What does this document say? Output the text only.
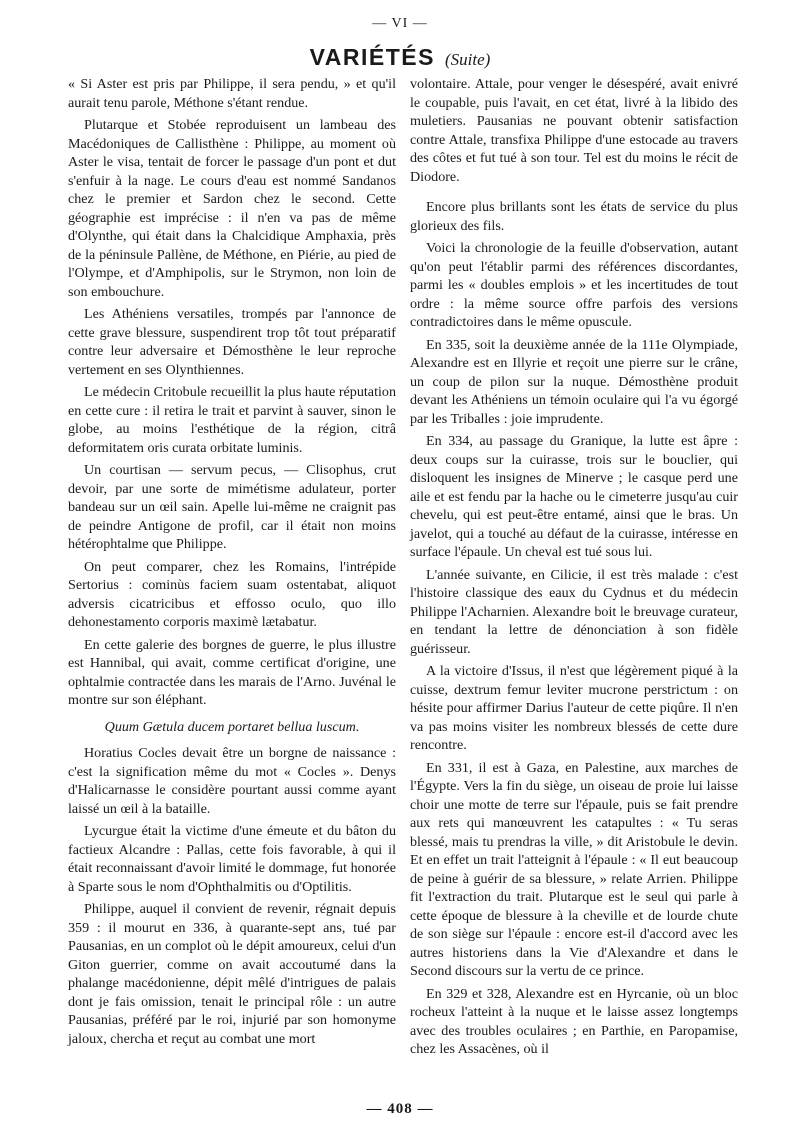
— VI —
VARIÉTÉS (Suite)

« Si Aster est pris par Philippe, il sera pendu, » et qu'il aurait tenu parole, Méthone s'étant rendue.

Plutarque et Stobée reproduisent un lambeau des Macédoniques de Callisthène : Philippe, au moment où Aster le visa, tentait de forcer le passage d'un pont et dut s'enfuir à la nage. Le cours d'eau est nommé Sandanos chez le premier et Sardon chez le second. Cette géographie est imprécise : il n'en va pas de même d'Olynthe, qui était dans la Chalcidique Amphaxia, près de la péninsule Pallène, de Méthone, en Piérie, au pied de l'Olympe, et d'Amphipolis, sur le Strymon, non loin de son embouchure.

Les Athéniens versatiles, trompés par l'annonce de cette grave blessure, suspendirent trop tôt tout préparatif contre leur adversaire et Démosthène le leur reproche vertement en ses Olynthiennes.

Le médecin Critobule recueillit la plus haute réputation en cette cure : il retira le trait et parvint à sauver, sinon le globe, au moins l'esthétique de la région, citrâ deformitatem oris curata orbitate luminis.

Un courtisan — servum pecus, — Clisophus, crut devoir, par une sorte de mimétisme adulateur, porter bandeau sur un œil sain. Apelle lui-même ne craignit pas de peindre Antigone de profil, car il était non moins hétérophtalme que Philippe.

On peut comparer, chez les Romains, l'intrépide Sertorius : cominùs faciem suam ostentabat, aliquot adversis cicatricibus et effosso oculo, quo illo dehonestamento corporis maximè lætabatur.

En cette galerie des borgnes de guerre, le plus illustre est Hannibal, qui avait, comme certificat d'origine, une ophtalmie contractée dans les marais de l'Arno. Juvénal le montre sur son éléphant.

Quum Gætula ducem portaret bellua luscum.

Horatius Cocles devait être un borgne de naissance : c'est la signification même du mot « Cocles ». Denys d'Halicarnasse le considère pourtant aussi comme ayant laissé un œil à la bataille.

Lycurgue était la victime d'une émeute et du bâton du factieux Alcandre : Pallas, cette fois favorable, à qui il était reconnaissant d'avoir limité le dommage, fut honorée à Sparte sous le nom d'Ophthalmitis ou d'Optilitis.

Philippe, auquel il convient de revenir, régnait depuis 359 : il mourut en 336, à quarante-sept ans, tué par Pausanias, en un complot où le dépit amoureux, celui d'un Giton guerrier, comme on avait accoutumé dans la phalange macédonienne, dépit mêlé d'intrigues de palais dont je fais omission, tenait le principal rôle : un autre Pausanias, préféré par le roi, injurié par son homonyme jaloux, chercha et reçut au combat une mort

volontaire. Attale, pour venger le désespéré, avait enivré le coupable, puis l'avait, en cet état, livré à la libido des muletiers. Pausanias ne pouvant obtenir satisfaction contre Attale, transfixa Philippe d'une estocade au travers des côtes et fut tué à son tour. Tel est du moins le récit de Diodore.

Encore plus brillants sont les états de service du plus glorieux des fils.

Voici la chronologie de la feuille d'observation, autant qu'on peut l'établir parmi des références discordantes, parmi les « doubles emplois » et les incertitudes de tout ordre : la même source offre parfois des versions contradictoires dans le même opuscule.

En 335, soit la deuxième année de la 111e Olympiade, Alexandre est en Illyrie et reçoit une pierre sur le crâne, un coup de pilon sur la nuque. Démosthène produit devant les Athéniens un témoin oculaire qui l'a vu égorgé par les Triballes : joie imprudente.

En 334, au passage du Granique, la lutte est âpre : deux coups sur la cuirasse, trois sur le bouclier, qui disloquent les insignes de Minerve ; le casque perd une aile et est fendu par la hache ou le cimeterre jusqu'au cuir chevelu, qui est peut-être entamé, ainsi que le bras. Un javelot, qui a touché au défaut de la cuirasse, intéresse en surface l'épaule. Un cheval est tué sous lui.

L'année suivante, en Cilicie, il est très malade : c'est l'histoire classique des eaux du Cydnus et du médecin Philippe l'Acharnien. Alexandre boit le breuvage curateur, en tendant la lettre de dénonciation à son fidèle guérisseur.

A la victoire d'Issus, il n'est que légèrement piqué à la cuisse, dextrum femur leviter mucrone perstrictum : on hésite pour affirmer Darius l'auteur de cette piqûre. Il n'en va pas moins visiter les nombreux blessés de cette dure rencontre.

En 331, il est à Gaza, en Palestine, aux marches de l'Égypte. Vers la fin du siège, un oiseau de proie lui laisse choir une motte de terre sur l'épaule, puis se fait prendre aux rets qui manœuvrent les catapultes : « Tu seras blessé, mais tu prendras la ville, » dit Aristobule le devin. Et en effet un trait l'atteignit à l'épaule : « Il eut beaucoup de peine à guérir de sa blessure, » relate Arrien. Philippe fit l'extraction du trait. Plutarque est le seul qui parle à cette époque de blessure à la cheville et de lourde chute de son siège sur l'épaule : encore est-il d'accord avec les autres historiens dans la Vie d'Alexandre et dans le Second discours sur la vertu de ce prince.

En 329 et 328, Alexandre est en Hyrcanie, où un bloc rocheux l'atteint à la nuque et le laisse assez longtemps avec des troubles oculaires ; en Parthie, en Paropamise, chez les Assacènes, où il

— 408 —
